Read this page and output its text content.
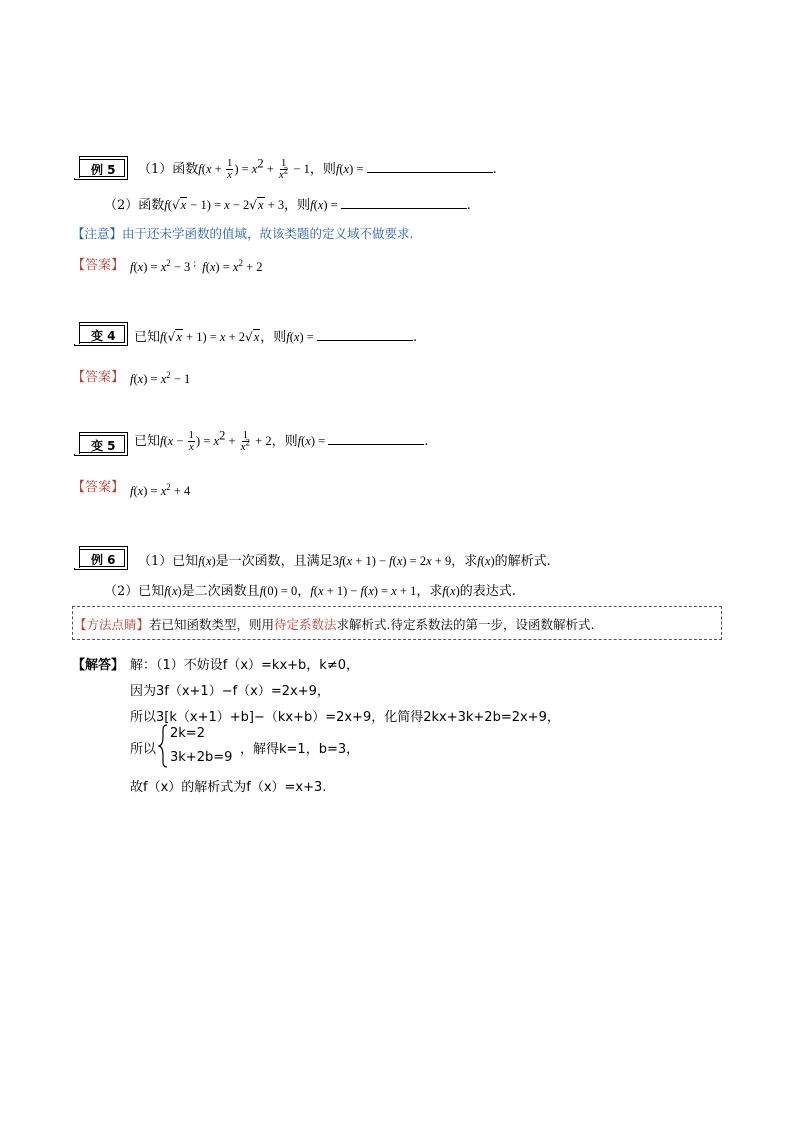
例 5 （1）函数$f(x + \frac{1}{x}$ ) = $x^2 + \frac{1}{x^2} - 1$，则f(x) =	.
（2）函数f(√x − 1) = x − 2√x + 3，则f(x) =	.
【注意】由于还未学函数的值域，故该类题的定义域不做要求.
【答案】 $f(x) = x^2 - 3$ ; $f(x) = x^2 + 2$
变 4 已知f(√x + 1) = x + 2√x，则f(x) =	.
【答案】 $f(x) = x^2 - 1$
变 5 已知$f(x - \frac{1}{x}$ ) = $x^2 + \frac{1}{x^2} + 2$，则f(x) =	.
【答案】 $f(x) = x^2 + 4$
例 6 （1）已知f(x)是一次函数，且满足3f(x + 1) − f(x) = 2x + 9，求f(x)的解析式.
（2）已知f(x)是二次函数且f(0) = 0，f(x + 1) − f(x) = x + 1，求f(x)的表达式.
【方法点睛】若已知函数类型，则用待定系数法求解析式.待定系数法的第一步，设函数解析式.
【解答】 解：（1）不妨设f（x）=kx+b，k≠0，
因为3f（x+1）−f（x）=2x+9，
所以3[k（x+1）+b]−（kx+b）=2x+9，化简得2kx+3k+2b=2x+9，
所以
2k=2
3k+2b=9
，解得k=1，b=3，
故f（x）的解析式为f（x）=x+3.
